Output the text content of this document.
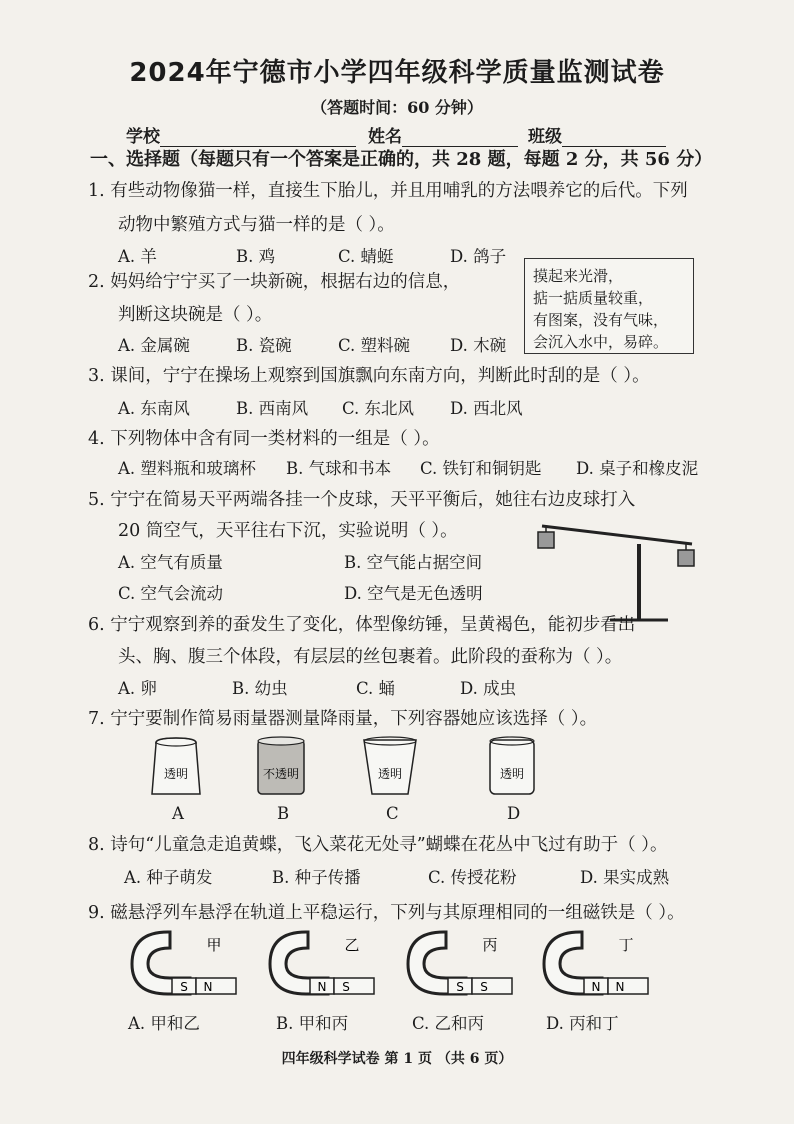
2024年宁德市小学四年级科学质量监测试卷
（答题时间：60 分钟）
学校	姓名	班级
一、选择题（每题只有一个答案是正确的，共 28 题，每题 2 分，共 56 分）
1. 有些动物像猫一样，直接生下胎儿，并且用哺乳的方法喂养它的后代。下列
动物中繁殖方式与猫一样的是（ ）。
A. 羊	B. 鸡	C. 蜻蜓	D. 鸽子
2. 妈妈给宁宁买了一块新碗，根据右边的信息，
判断这块碗是（ ）。
A. 金属碗	B. 瓷碗	C. 塑料碗 D. 木碗
摸起来光滑，
掂一掂质量较重，
有图案，没有气味，
会沉入水中，易碎。
3. 课间，宁宁在操场上观察到国旗飘向东南方向，判断此时刮的是（ ）。
A. 东南风	B. 西南风 C. 东北风 D. 西北风
4. 下列物体中含有同一类材料的一组是（ ）。
A. 塑料瓶和玻璃杯 B. 气球和书本 C. 铁钉和铜钥匙 D. 桌子和橡皮泥
5. 宁宁在简易天平两端各挂一个皮球，天平平衡后，她往右边皮球打入
20 筒空气，天平往右下沉，实验说明（ ）。
A. 空气有质量	B. 空气能占据空间
C. 空气会流动	D. 空气是无色透明
6. 宁宁观察到养的蚕发生了变化，体型像纺锤，呈黄褐色，能初步看出
头、胸、腹三个体段，有层层的丝包裹着。此阶段的蚕称为（ ）。
A. 卵	B. 幼虫	C. 蛹	D. 成虫
7. 宁宁要制作简易雨量器测量降雨量，下列容器她应该选择（ ）。
透明	不透明	透明	透明
A	B	C	D
8. 诗句“儿童急走追黄蝶，飞入菜花无处寻”蝴蝶在花丛中飞过有助于（ ）。
A. 种子萌发	B. 种子传播	C. 传授花粉	D. 果实成熟
9. 磁悬浮列车悬浮在轨道上平稳运行，下列与其原理相同的一组磁铁是（ ）。
S N
甲
N S
乙
S S
丙
N N
丁
A. 甲和乙	B. 甲和丙	C. 乙和丙	D. 丙和丁
四年级科学试卷 第 1 页 （共 6 页）
